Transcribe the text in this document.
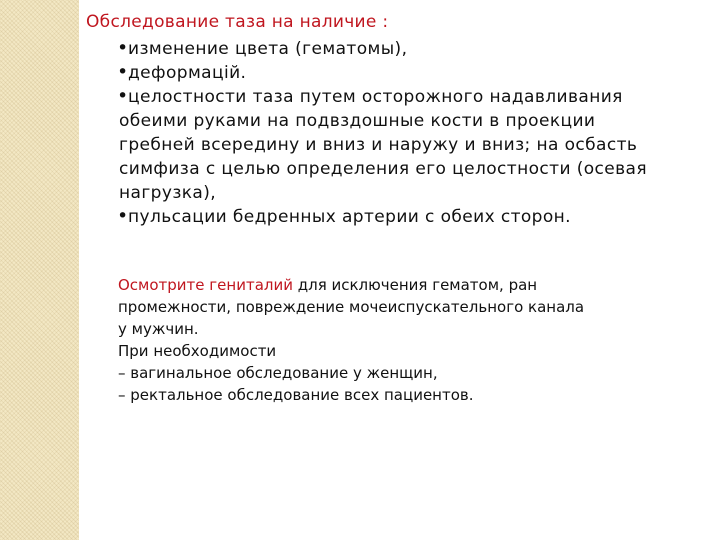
Обследование таза на наличие :
• изменение цвета (гематомы),
• деформацій.
• целостности таза путем осторожного надавливания обеими руками на подвздошные кости в проекции гребней всередину и вниз и наружу и вниз; на осбасть симфиза с целью определения его целостности (осевая нагрузка),
• пульсации бедренных артерии с обеих сторон.
Осмотрите гениталий для исключения гематом, ран
промежности, повреждение мочеиспускательного канала
у мужчин.
При необходимости
– вагинальное обследование у женщин,
– ректальное обследование всех пациентов.
